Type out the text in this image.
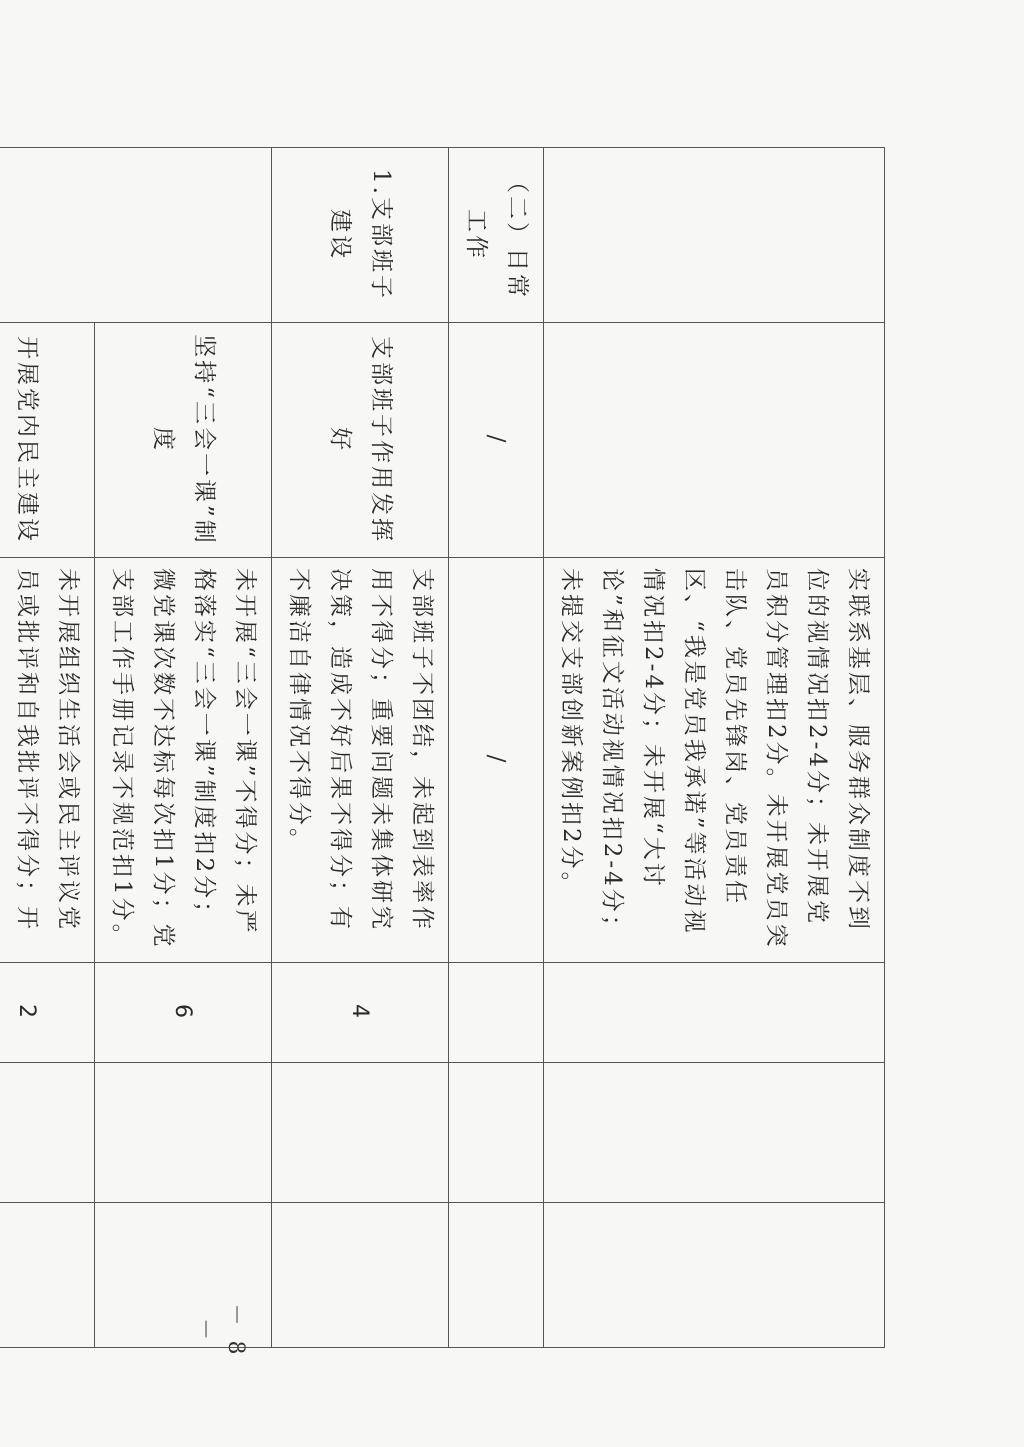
		实联系基层、服务群众制度不到位的视情况扣2-4分；未开展党员积分管理扣2分。未开展党员突击队、党员先锋岗、党员责任区、“我是党员我承诺”等活动视情况扣2-4分；未开展“大讨论”和征文活动视情况扣2-4分；未提交支部创新案例扣2分。			
（二）日常工作	/	/			
1.支部班子建设	支部班子作用发挥好	支部班子不团结，未起到表率作用不得分；重要问题未集体研究决策，造成不好后果不得分；有不廉洁自律情况不得分。	4		
	坚持“三会一课”制度	未开展“三会一课”不得分；未严格落实“三会一课”制度扣2分；微党课次数不达标每次扣1分；党支部工作手册记录不规范扣1分。	6		
	开展党内民主建设	未开展组织生活会或民主评议党员或批评和自我批评不得分；开	2		

－ 8 －
